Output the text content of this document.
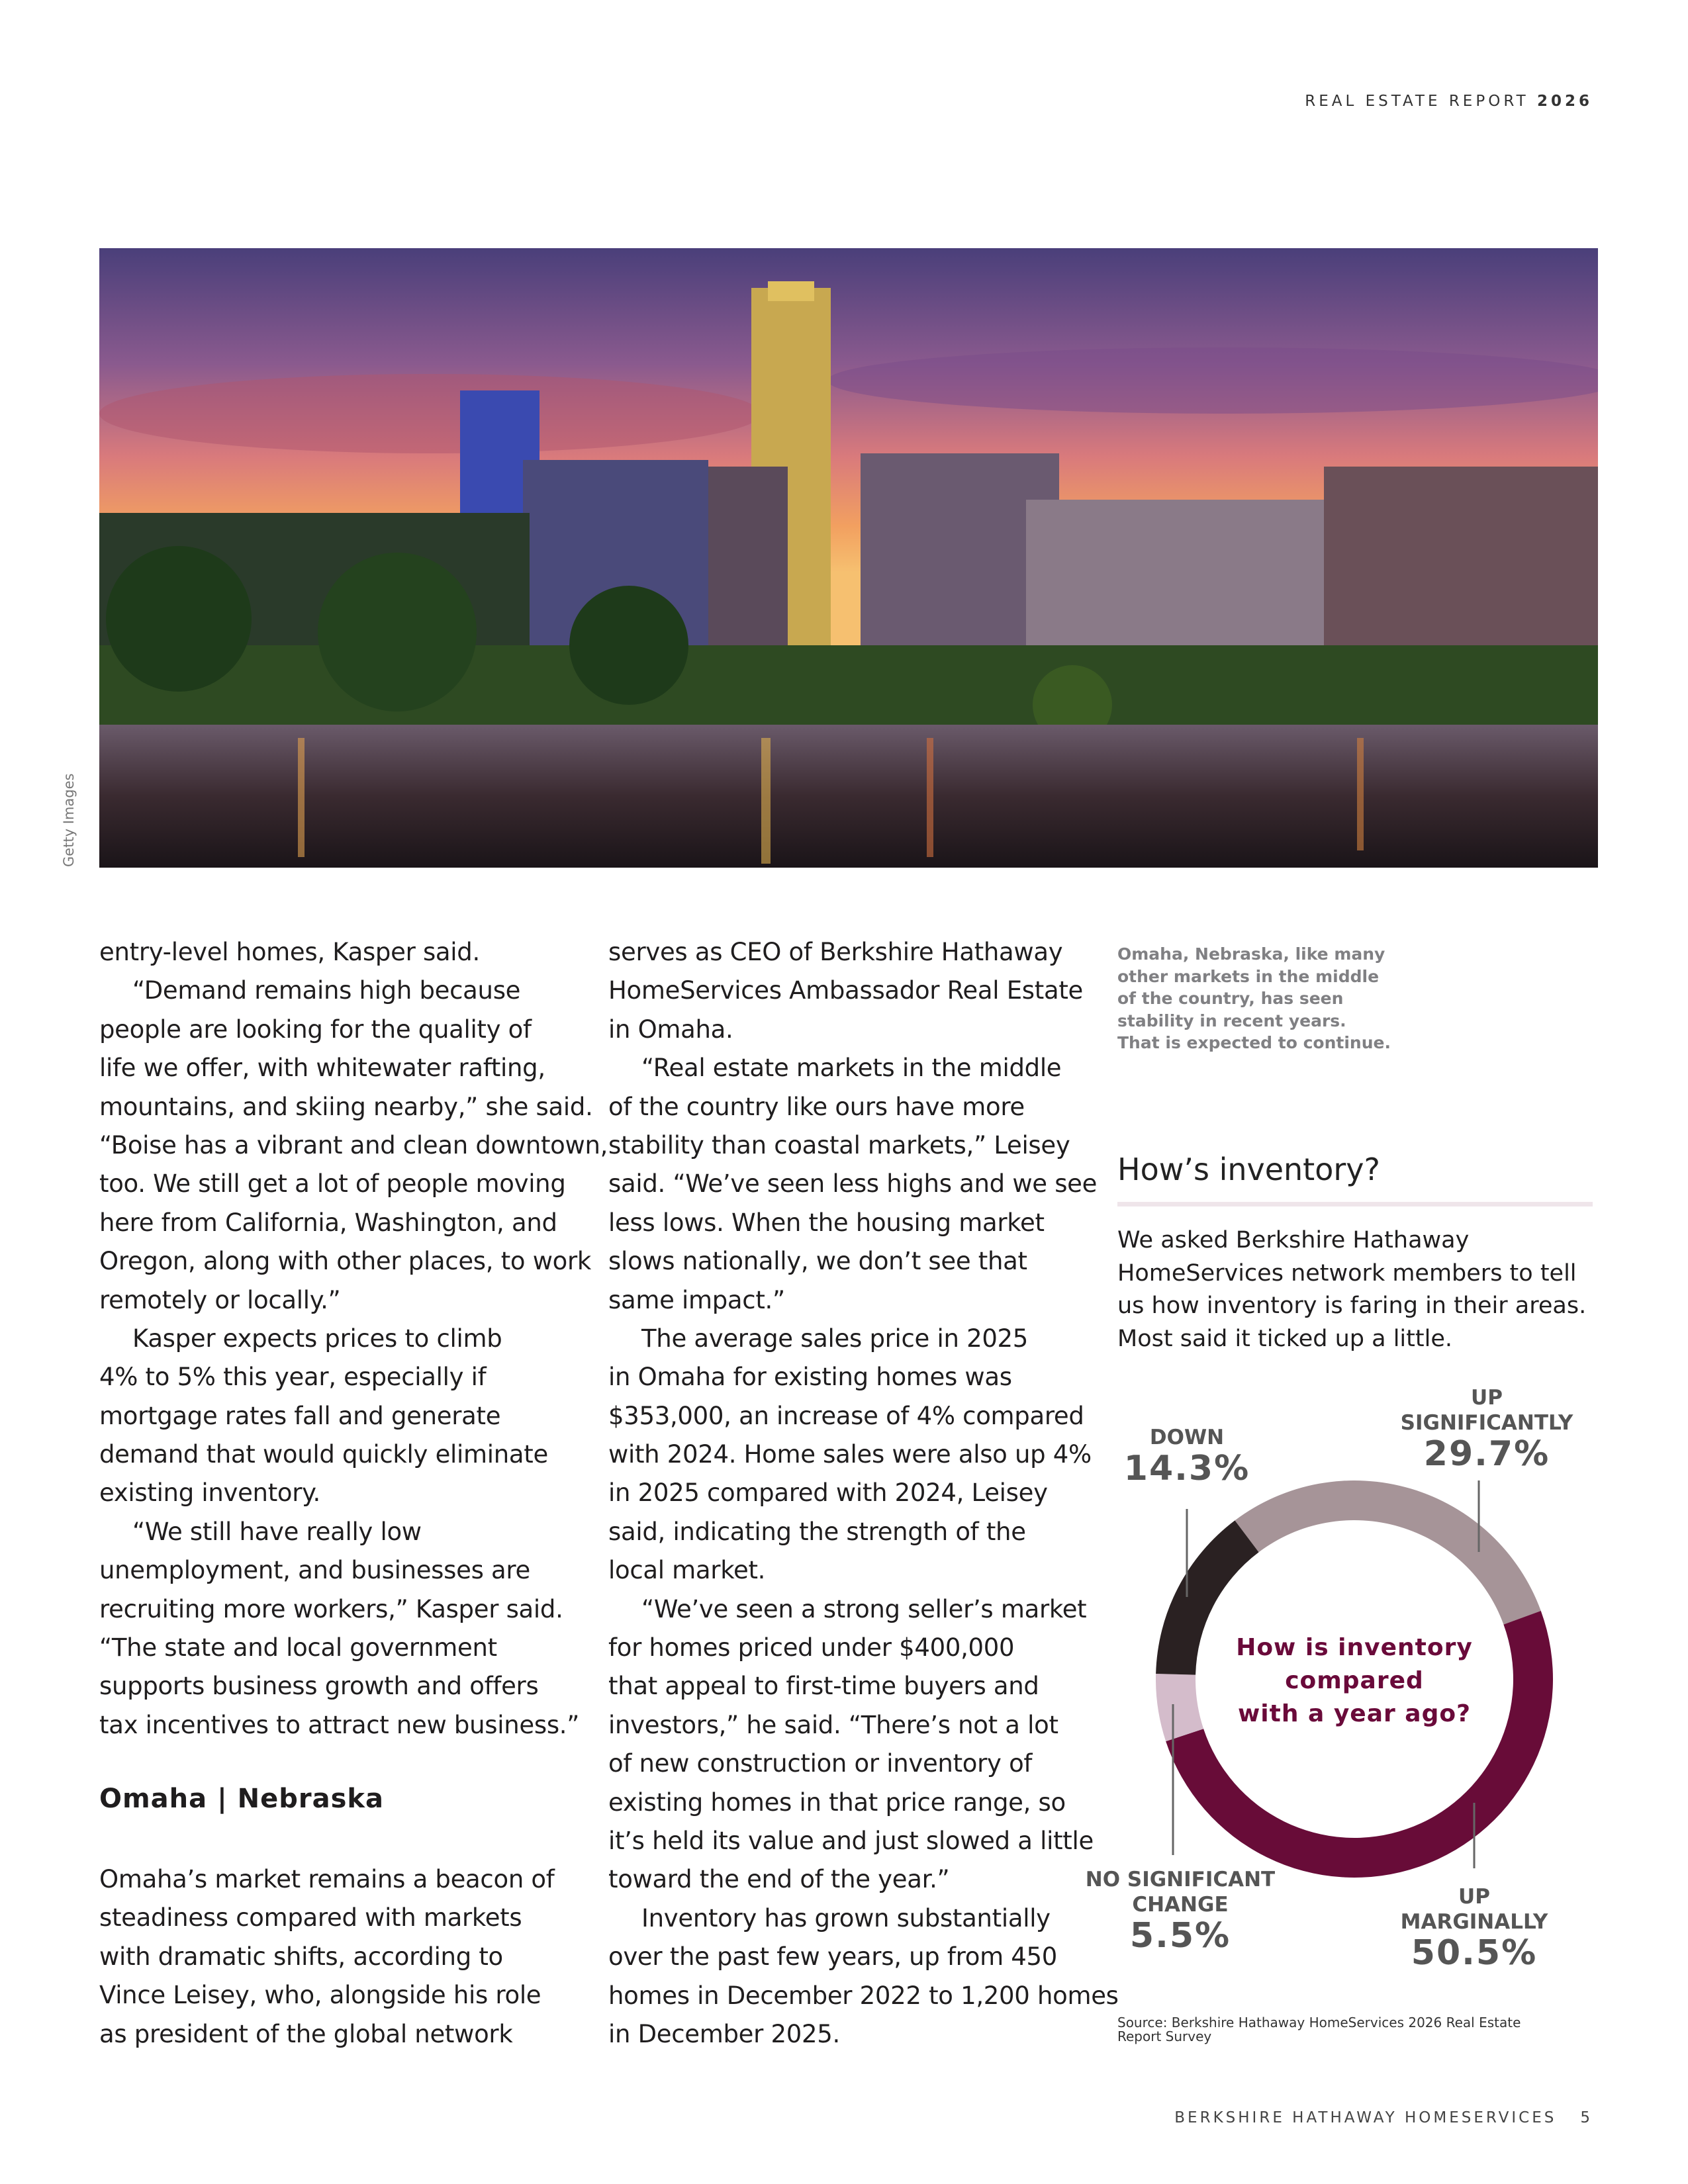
REAL ESTATE REPORT 2026
Getty Images
entry-level homes, Kasper said.
“Demand remains high because
people are looking for the quality of
life we offer, with whitewater rafting,
mountains, and skiing nearby,” she said.
“Boise has a vibrant and clean downtown,
too. We still get a lot of people moving
here from California, Washington, and
Oregon, along with other places, to work
remotely or locally.”
Kasper expects prices to climb
4% to 5% this year, especially if
mortgage rates fall and generate
demand that would quickly eliminate
existing inventory.
“We still have really low
unemployment, and businesses are
recruiting more workers,” Kasper said.
“The state and local government
supports business growth and offers
tax incentives to attract new business.”
Omaha | Nebraska
Omaha’s market remains a beacon of
steadiness compared with markets
with dramatic shifts, according to
Vince Leisey, who, alongside his role
as president of the global network
serves as CEO of Berkshire Hathaway
HomeServices Ambassador Real Estate
in Omaha.
“Real estate markets in the middle
of the country like ours have more
stability than coastal markets,” Leisey
said. “We’ve seen less highs and we see
less lows. When the housing market
slows nationally, we don’t see that
same impact.”
The average sales price in 2025
in Omaha for existing homes was
$353,000, an increase of 4% compared
with 2024. Home sales were also up 4%
in 2025 compared with 2024, Leisey
said, indicating the strength of the
local market.
“We’ve seen a strong seller’s market
for homes priced under $400,000
that appeal to first-time buyers and
investors,” he said. “There’s not a lot
of new construction or inventory of
existing homes in that price range, so
it’s held its value and just slowed a little
toward the end of the year.”
Inventory has grown substantially
over the past few years, up from 450
homes in December 2022 to 1,200 homes
in December 2025.
Omaha, Nebraska, like many
other markets in the middle
of the country, has seen
stability in recent years.
That is expected to continue.
How’s inventory?
We asked Berkshire Hathaway
HomeServices network members to tell
us how inventory is faring in their areas.
Most said it ticked up a little.
UP
SIGNIFICANTLY
29.7%
DOWN
14.3%
NO SIGNIFICANT
CHANGE
5.5%
UP
MARGINALLY
50.5%
How is inventory
compared
with a year ago?
Source: Berkshire Hathaway HomeServices 2026 Real Estate
Report Survey
BERKSHIRE HATHAWAY HOMESERVICES 5
